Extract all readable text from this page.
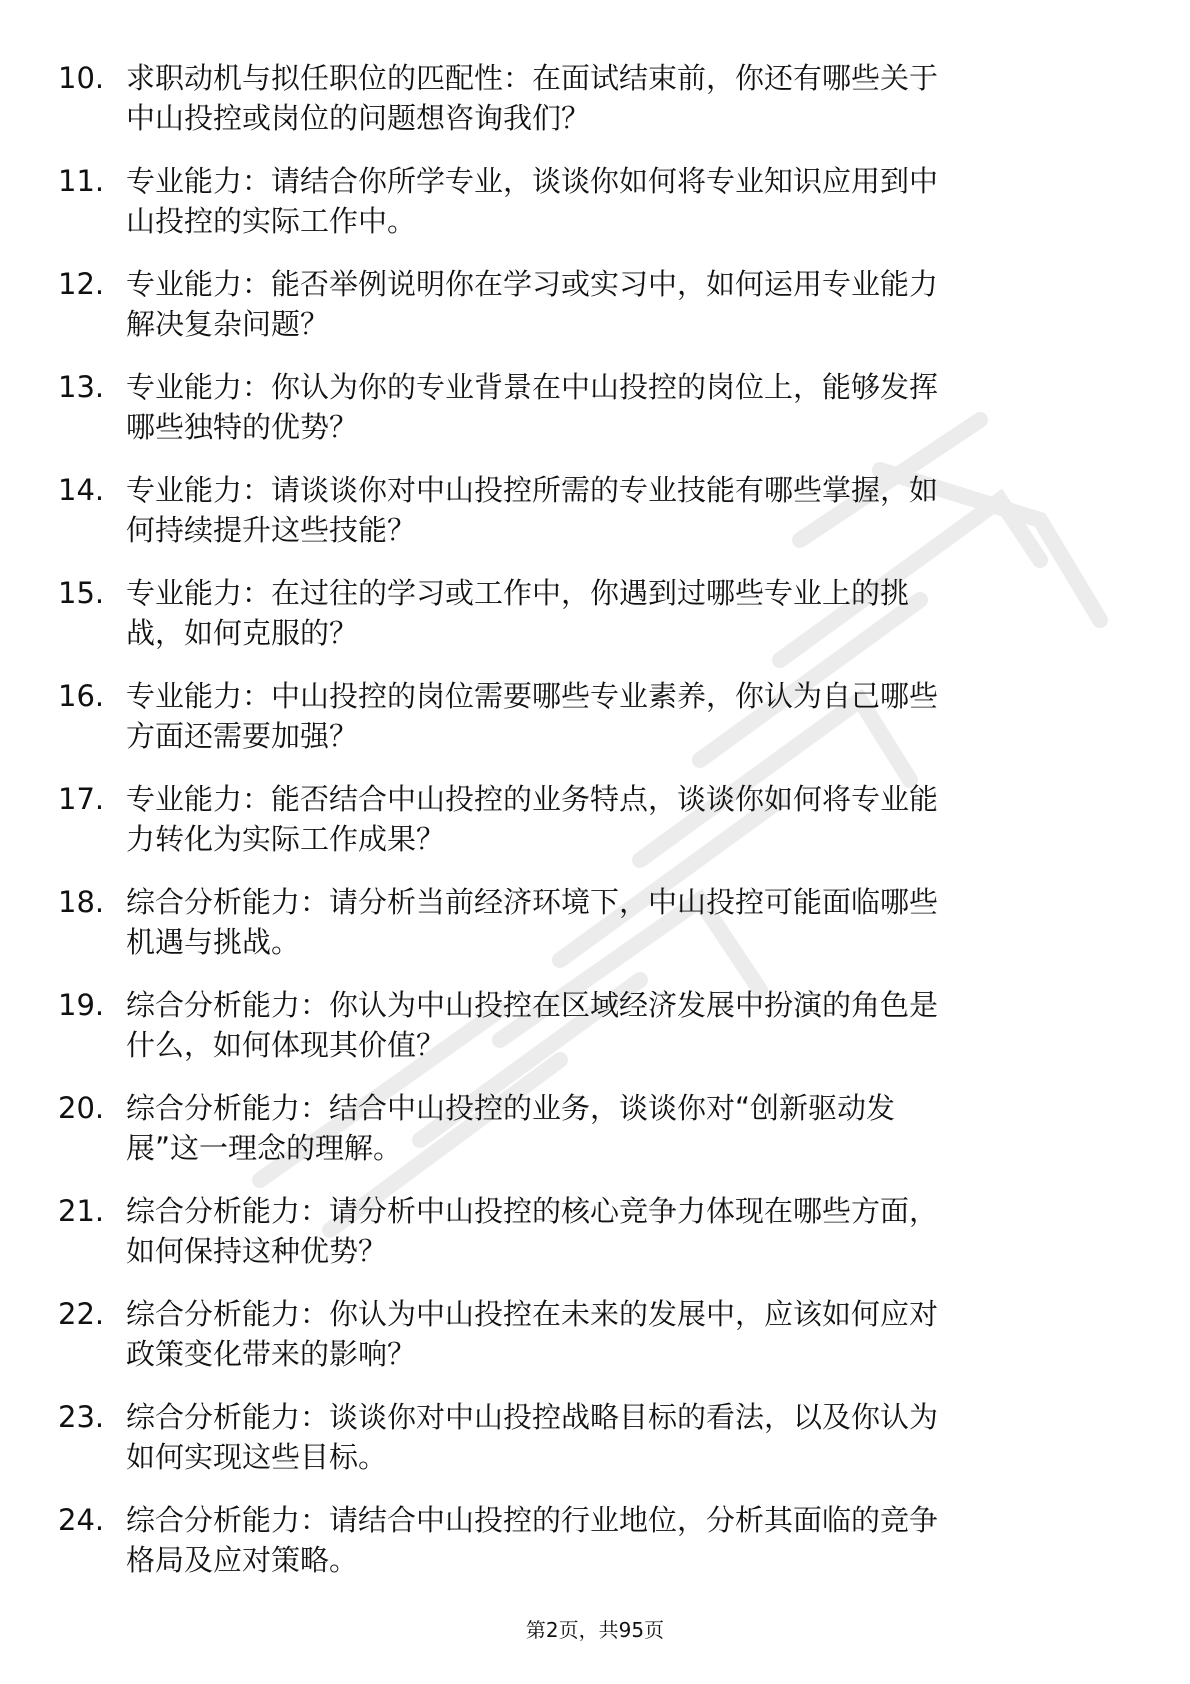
10. 求职动机与拟任职位的匹配性：在面试结束前，你还有哪些关于
中山投控或岗位的问题想咨询我们？
11. 专业能力：请结合你所学专业，谈谈你如何将专业知识应用到中
山投控的实际工作中。
12. 专业能力：能否举例说明你在学习或实习中，如何运用专业能力
解决复杂问题？
13. 专业能力：你认为你的专业背景在中山投控的岗位上，能够发挥
哪些独特的优势？
14. 专业能力：请谈谈你对中山投控所需的专业技能有哪些掌握，如
何持续提升这些技能？
15. 专业能力：在过往的学习或工作中，你遇到过哪些专业上的挑
战，如何克服的？
16. 专业能力：中山投控的岗位需要哪些专业素养，你认为自己哪些
方面还需要加强？
17. 专业能力：能否结合中山投控的业务特点，谈谈你如何将专业能
力转化为实际工作成果？
18. 综合分析能力：请分析当前经济环境下，中山投控可能面临哪些
机遇与挑战。
19. 综合分析能力：你认为中山投控在区域经济发展中扮演的角色是
什么，如何体现其价值？
20. 综合分析能力：结合中山投控的业务，谈谈你对“创新驱动发
展”这一理念的理解。
21. 综合分析能力：请分析中山投控的核心竞争力体现在哪些方面，
如何保持这种优势？
22. 综合分析能力：你认为中山投控在未来的发展中，应该如何应对
政策变化带来的影响？
23. 综合分析能力：谈谈你对中山投控战略目标的看法，以及你认为
如何实现这些目标。
24. 综合分析能力：请结合中山投控的行业地位，分析其面临的竞争
格局及应对策略。
第2页，共95页
